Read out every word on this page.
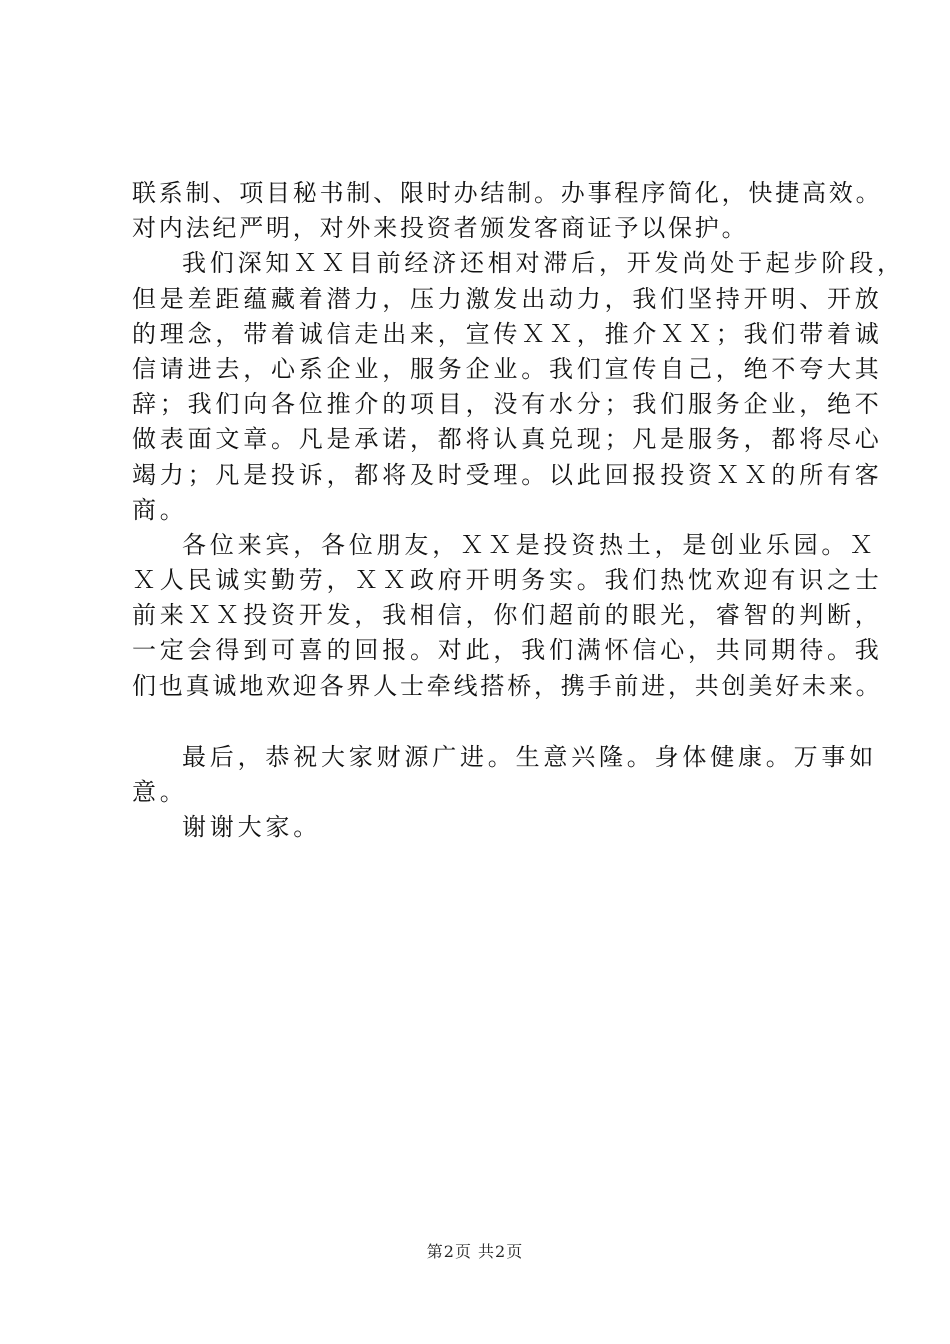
联系制、项目秘书制、限时办结制。办事程序简化，快捷高效。
对内法纪严明，对外来投资者颁发客商证予以保护。
我们深知ＸＸ目前经济还相对滞后，开发尚处于起步阶段，
但是差距蕴藏着潜力，压力激发出动力，我们坚持开明、开放
的理念，带着诚信走出来，宣传ＸＸ，推介ＸＸ；我们带着诚
信请进去，心系企业，服务企业。我们宣传自己，绝不夸大其
辞；我们向各位推介的项目，没有水分；我们服务企业，绝不
做表面文章。凡是承诺，都将认真兑现；凡是服务，都将尽心
竭力；凡是投诉，都将及时受理。以此回报投资ＸＸ的所有客
商。
各位来宾，各位朋友，ＸＸ是投资热土，是创业乐园。Ｘ
Ｘ人民诚实勤劳，ＸＸ政府开明务实。我们热忱欢迎有识之士
前来ＸＸ投资开发，我相信，你们超前的眼光，睿智的判断，
一定会得到可喜的回报。对此，我们满怀信心，共同期待。我
们也真诚地欢迎各界人士牵线搭桥，携手前进，共创美好未来。
最后，恭祝大家财源广进。生意兴隆。身体健康。万事如
意。
谢谢大家。
第2页 共2页
